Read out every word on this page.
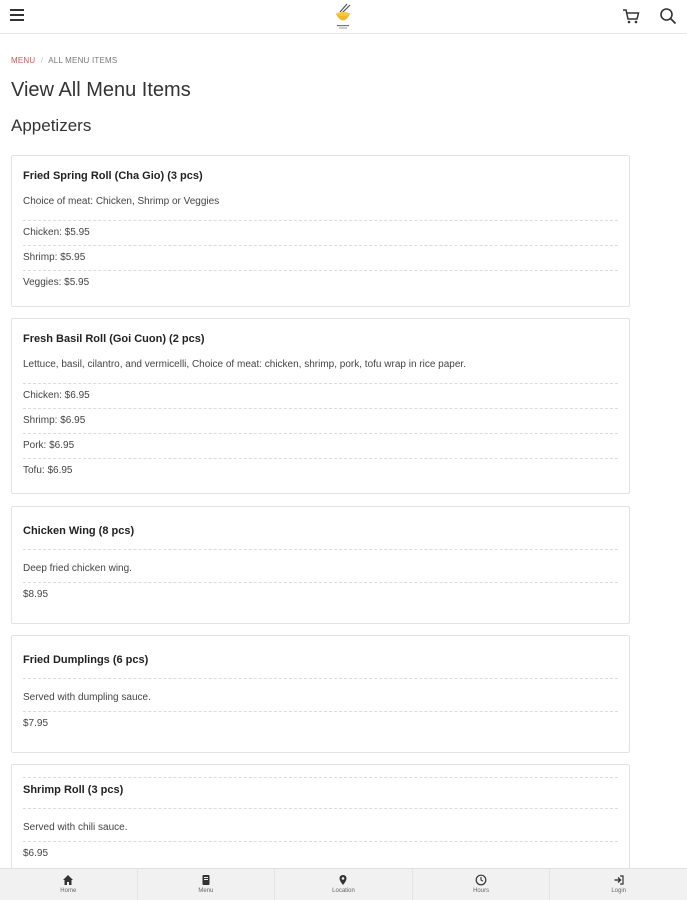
MENU / ALL MENU ITEMS
View All Menu Items
Appetizers
Fried Spring Roll (Cha Gio) (3 pcs)
Choice of meat: Chicken, Shrimp or Veggies
Chicken: $5.95
Shrimp: $5.95
Veggies: $5.95
Fresh Basil Roll (Goi Cuon) (2 pcs)
Lettuce, basil, cilantro, and vermicelli, Choice of meat: chicken, shrimp, pork, tofu wrap in rice paper.
Chicken: $6.95
Shrimp: $6.95
Pork: $6.95
Tofu: $6.95
Chicken Wing (8 pcs)
Deep fried chicken wing.
$8.95
Fried Dumplings (6 pcs)
Served with dumpling sauce.
$7.95
Shrimp Roll (3 pcs)
Served with chili sauce.
$6.95
Home	Menu	Location	Hours	Login
